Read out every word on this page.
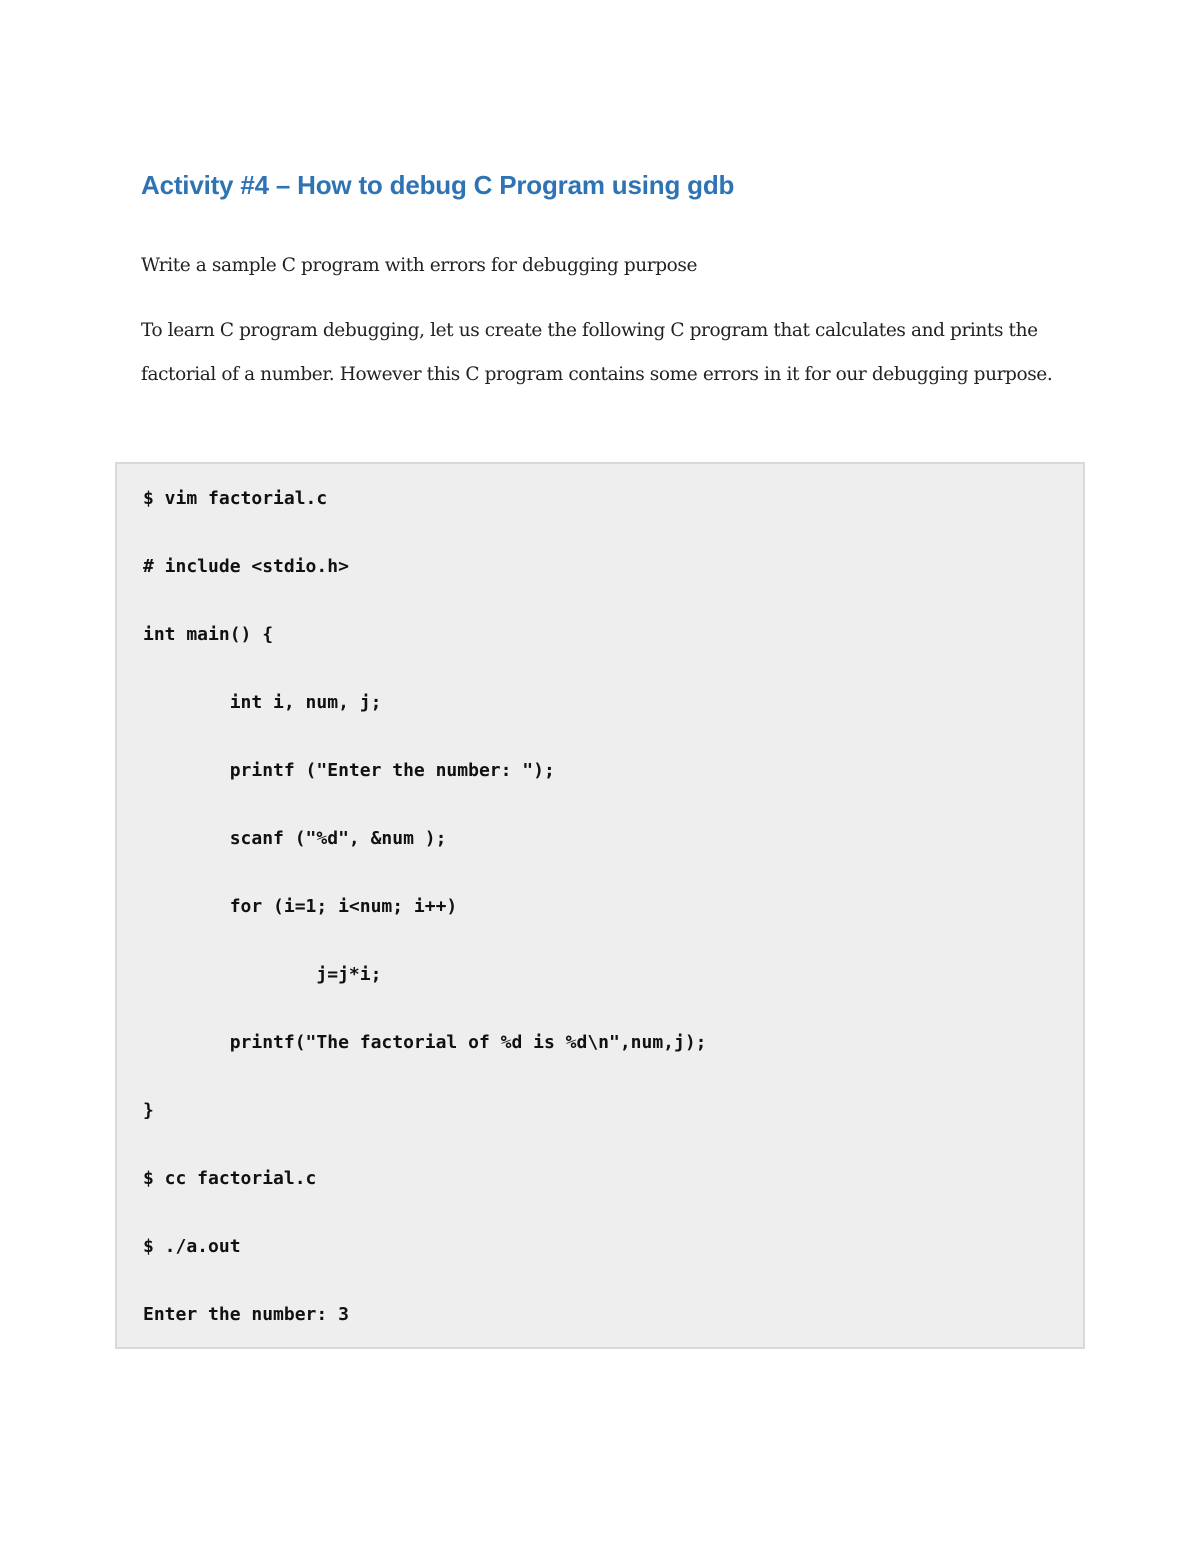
Activity #4 – How to debug C Program using gdb

Write a sample C program with errors for debugging purpose

To learn C program debugging, let us create the following C program that calculates and prints the factorial of a number. However this C program contains some errors in it for our debugging purpose.

$ vim factorial.c
# include <stdio.h>
int main() {
int i, num, j;
printf ("Enter the number: ");
scanf ("%d", &num );
for (i=1; i<num; i++)
j=j*i;
printf("The factorial of %d is %d\n",num,j);
}
$ cc factorial.c
$ ./a.out
Enter the number: 3
